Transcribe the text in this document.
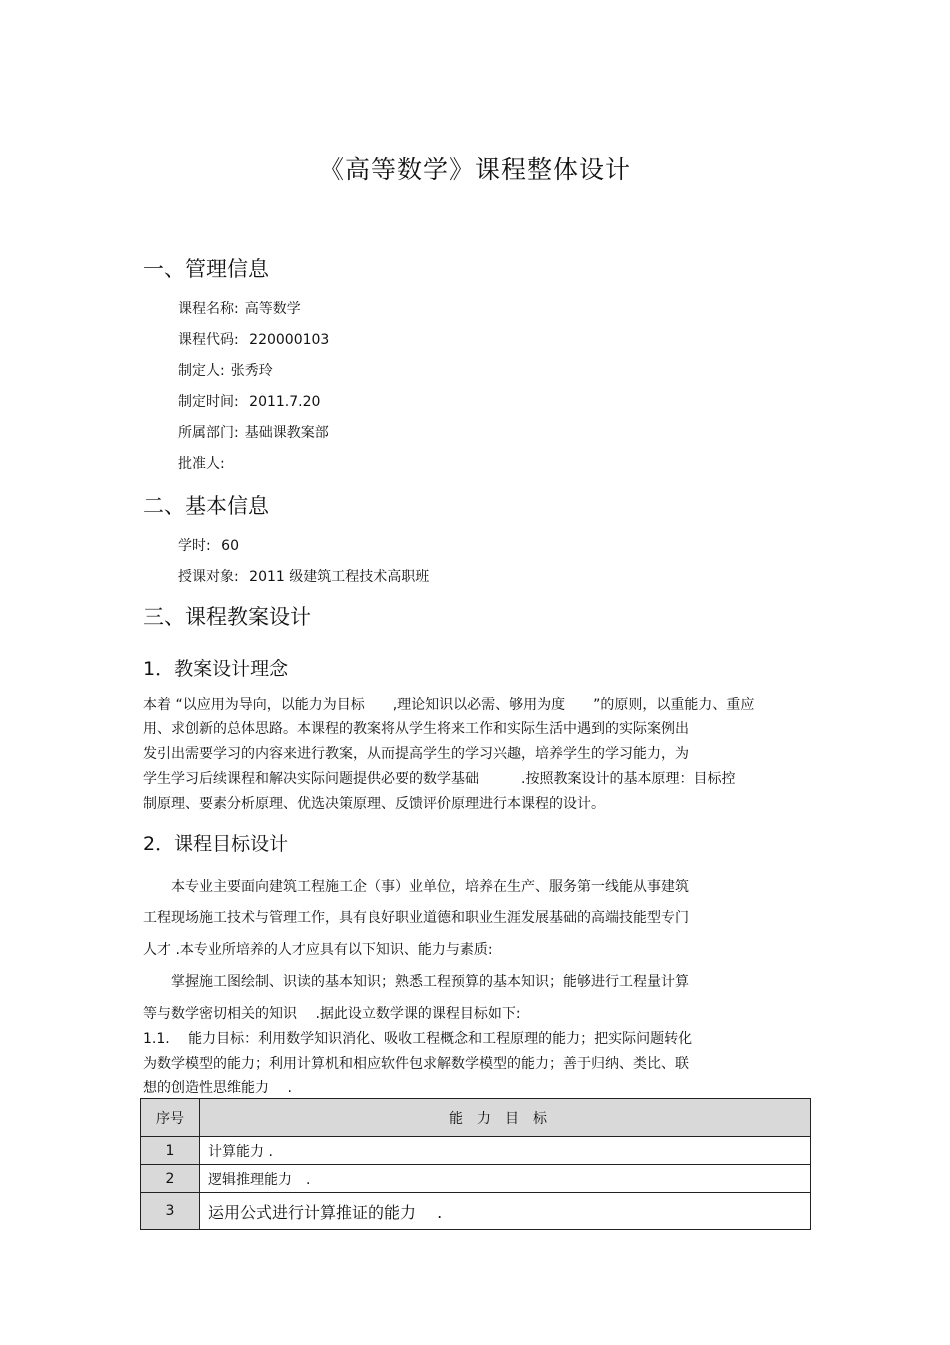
《高等数学》课程整体设计
一、管理信息
课程名称: 高等数学
课程代码: 220000103
制定人: 张秀玲
制定时间: 2011.7.20
所属部门: 基础课教案部
批准人:
二、基本信息
学时: 60
授课对象: 2011 级建筑工程技术高职班
三、课程教案设计
1．教案设计理念
本着 “以应用为导向，以能力为目标　　,理论知识以必需、够用为度　　”的原则，以重能力、重应
用、求创新的总体思路。本课程的教案将从学生将来工作和实际生活中遇到的实际案例出
发引出需要学习的内容来进行教案，从而提高学生的学习兴趣，培养学生的学习能力，为
学生学习后续课程和解决实际问题提供必要的数学基础　　　.按照教案设计的基本原理：目标控
制原理、要素分析原理、优选决策原理、反馈评价原理进行本课程的设计。
2．课程目标设计
　　本专业主要面向建筑工程施工企（事）业单位，培养在生产、服务第一线能从事建筑
工程现场施工技术与管理工作，具有良好职业道德和职业生涯发展基础的高端技能型专门
人才 .本专业所培养的人才应具有以下知识、能力与素质:
　　掌握施工图绘制、识读的基本知识；熟悉工程预算的基本知识；能够进行工程量计算
等与数学密切相关的知识　 .据此设立数学课的课程目标如下:
1.1.　 能力目标：利用数学知识消化、吸收工程概念和工程原理的能力；把实际问题转化
为数学模型的能力；利用计算机和相应软件包求解数学模型的能力；善于归纳、类比、联
想的创造性思维能力　 .
序号	能力目标
1	计算能力 .
2	逻辑推理能力　.
3	运用公式进行计算推证的能力　 .
